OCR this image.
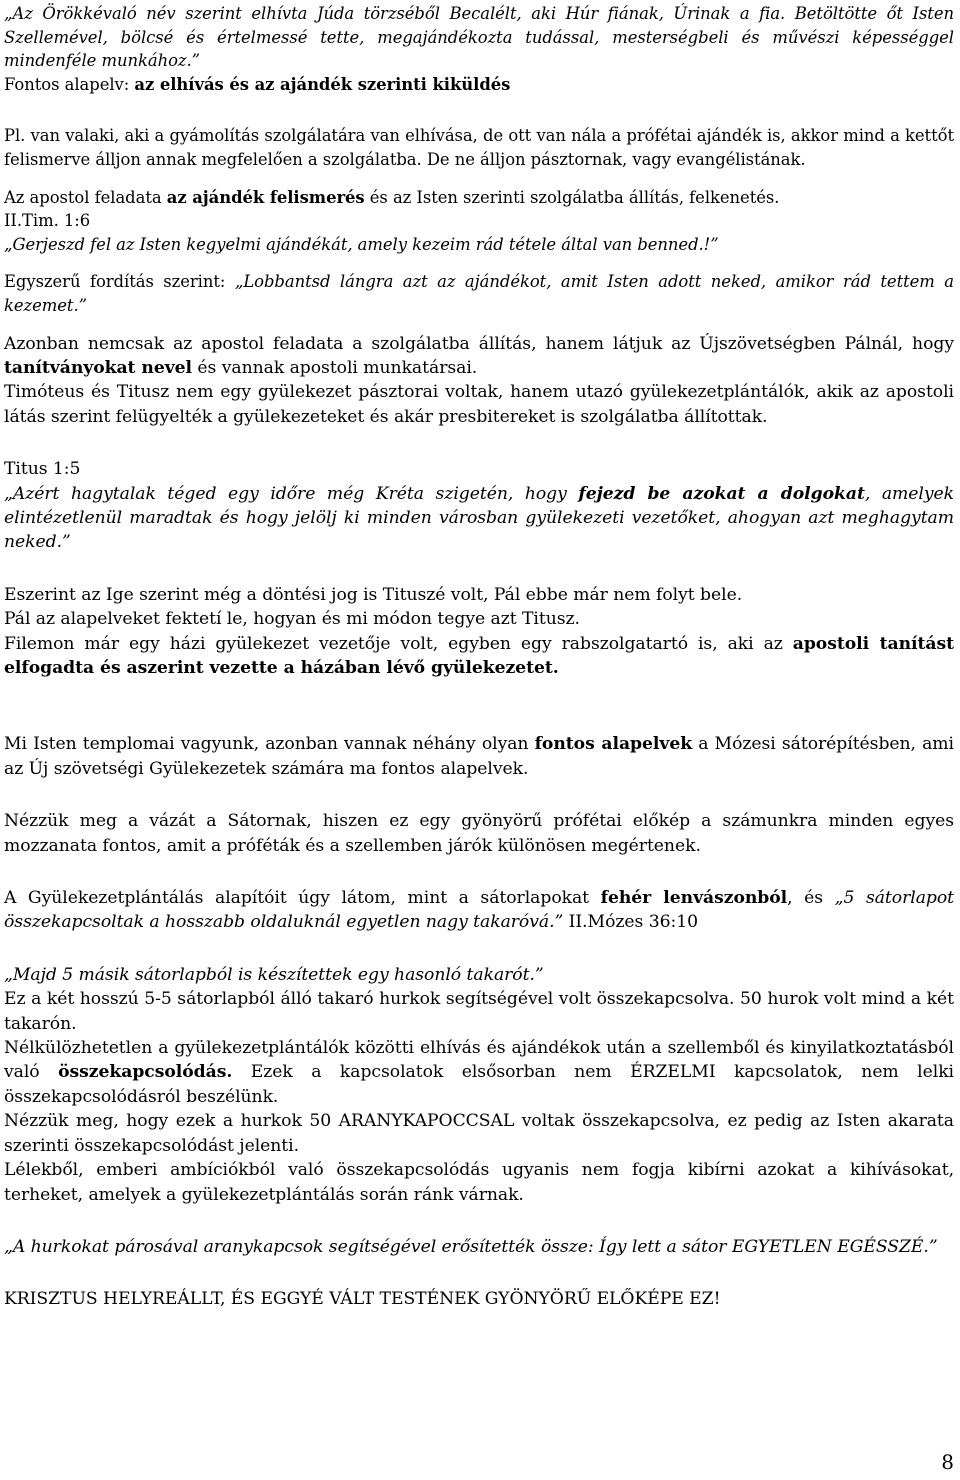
„Az Örökkévaló név szerint elhívta Júda törzséből Becalélt, aki Húr fiának, Úrinak a fia. Betöltötte őt Isten Szellemével, bölcsé és értelmessé tette, megajándékozta tudással, mesterségbeli és művészi képességgel mindenféle munkához.”

Fontos alapelv: az elhívás és az ajándék szerinti kiküldés

Pl. van valaki, aki a gyámolítás szolgálatára van elhívása, de ott van nála a prófétai ajándék is, akkor mind a kettőt felismerve álljon annak megfelelően a szolgálatba. De ne álljon pásztornak, vagy evangélistának.

Az apostol feladata az ajándék felismerés és az Isten szerinti szolgálatba állítás, felkenetés.

II.Tim. 1:6

„Gerjeszd fel az Isten kegyelmi ajándékát, amely kezeim rád tétele által van benned.!”

Egyszerű fordítás szerint: „Lobbantsd lángra azt az ajándékot, amit Isten adott neked, amikor rád tettem a kezemet.”

Azonban nemcsak az apostol feladata a szolgálatba állítás, hanem látjuk az Újszövetségben Pálnál, hogy tanítványokat nevel és vannak apostoli munkatársai.

Timóteus és Titusz nem egy gyülekezet pásztorai voltak, hanem utazó gyülekezetplántálók, akik az apostoli látás szerint felügyelték a gyülekezeteket és akár presbitereket is szolgálatba állítottak.

Titus 1:5

„Azért hagytalak téged egy időre még Kréta szigetén, hogy fejezd be azokat a dolgokat, amelyek elintézetlenül maradtak és hogy jelölj ki minden városban gyülekezeti vezetőket, ahogyan azt meghagytam neked.”

Eszerint az Ige szerint még a döntési jog is Tituszé volt, Pál ebbe már nem folyt bele.

Pál az alapelveket fektetí le, hogyan és mi módon tegye azt Titusz.

Filemon már egy házi gyülekezet vezetője volt, egyben egy rabszolgatartó is, aki az apostoli tanítást elfogadta és aszerint vezette a házában lévő gyülekezetet.

Mi Isten templomai vagyunk, azonban vannak néhány olyan fontos alapelvek a Mózesi sátorépítésben, ami az Új szövetségi Gyülekezetek számára ma fontos alapelvek.

Nézzük meg a vázát a Sátornak, hiszen ez egy gyönyörű prófétai előkép a számunkra minden egyes mozzanata fontos, amit a próféták és a szellemben járók különösen megértenek.

A Gyülekezetplántálás alapítóit úgy látom, mint a sátorlapokat fehér lenvászonból, és „5 sátorlapot összekapcsoltak a hosszabb oldaluknál egyetlen nagy takaróvá.” II.Mózes 36:10

„Majd 5 másik sátorlapból is készítettek egy hasonló takarót.”

Ez a két hosszú 5-5 sátorlapból álló takaró hurkok segítségével volt összekapcsolva. 50 hurok volt mind a két takarón.

Nélkülözhetetlen a gyülekezetplántálók közötti elhívás és ajándékok után a szellemből és kinyilatkoztatásból való összekapcsolódás. Ezek a kapcsolatok elsősorban nem ÉRZELMI kapcsolatok, nem lelki összekapcsolódásról beszélünk.

Nézzük meg, hogy ezek a hurkok 50 ARANYKAPOCCSAL voltak összekapcsolva, ez pedig az Isten akarata szerinti összekapcsolódást jelenti.

Lélekből, emberi ambíciókból való összekapcsolódás ugyanis nem fogja kibírni azokat a kihívásokat, terheket, amelyek a gyülekezetplántálás során ránk várnak.

„A hurkokat párosával aranykapcsok segítségével erősítették össze: Így lett a sátor EGYETLEN EGÉSSZÉ.”

KRISZTUS HELYREÁLLT, ÉS EGGYÉ VÁLT TESTÉNEK GYÖNYÖRŰ ELŐKÉPE EZ!

8
